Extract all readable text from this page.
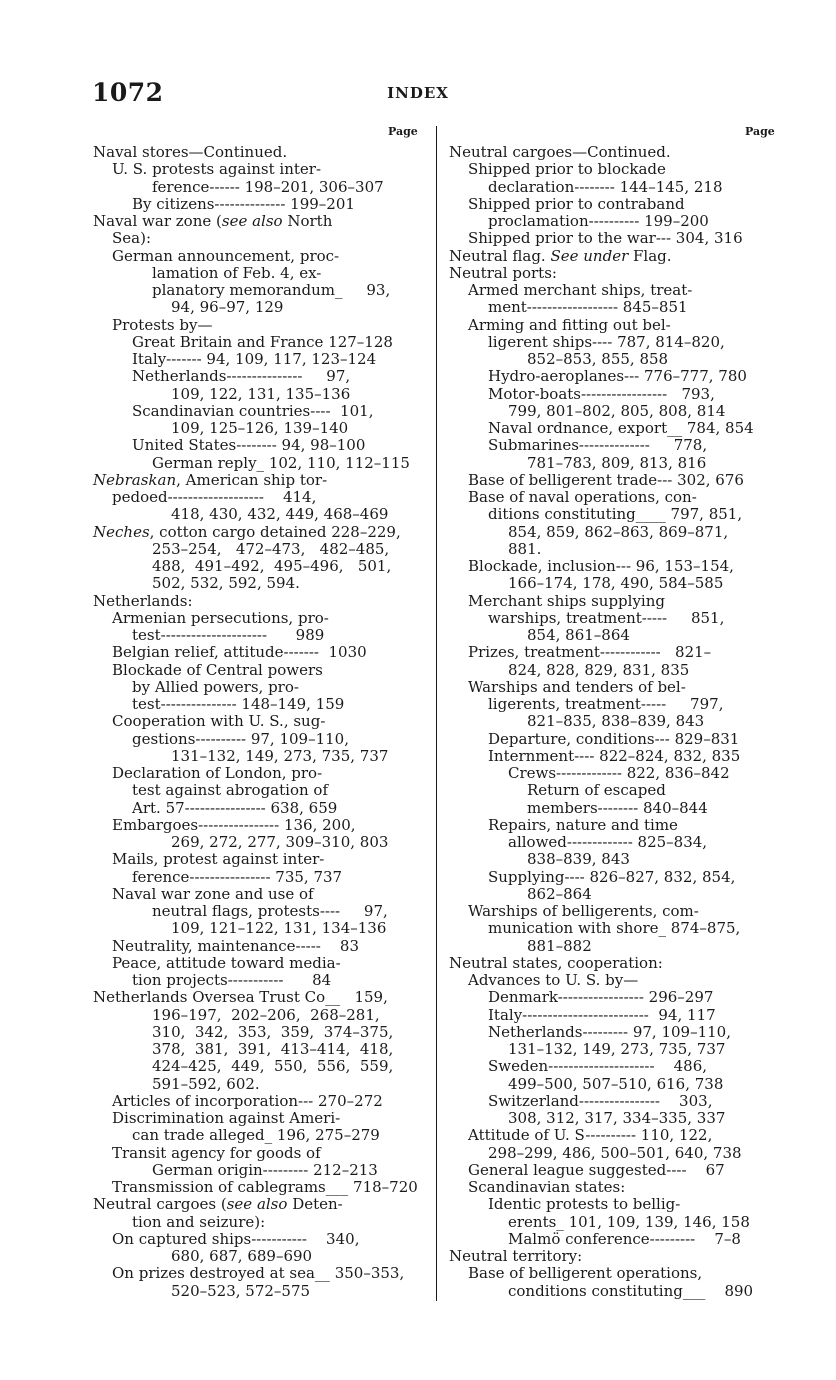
1072	INDEX
Page	Page
Naval stores—Continued.
U. S. protests against inter-
ference------ 198–201, 306–307
By citizens-------------- 199–201
Naval war zone (see also North
Sea):
German announcement, proc-
lamation of Feb. 4, ex-
planatory memorandum_     93,
94, 96–97, 129
Protests by—
Great Britain and France 127–128
Italy------- 94, 109, 117, 123–124
Netherlands---------------     97,
109, 122, 131, 135–136
Scandinavian countries----  101,
109, 125–126, 139–140
United States-------- 94, 98–100
German reply_ 102, 110, 112–115
Nebraskan, American ship tor-
pedoed-------------------    414,
418, 430, 432, 449, 468–469
Neches, cotton cargo detained 228–229,
253–254,   472–473,   482–485,
488,  491–492,  495–496,   501,
502, 532, 592, 594.
Netherlands:
Armenian persecutions, pro-
test---------------------      989
Belgian relief, attitude-------  1030
Blockade of Central powers
by Allied powers, pro-
test--------------- 148–149, 159
Cooperation with U. S., sug-
gestions---------- 97, 109–110,
131–132, 149, 273, 735, 737
Declaration of London, pro-
test against abrogation of
Art. 57---------------- 638, 659
Embargoes---------------- 136, 200,
269, 272, 277, 309–310, 803
Mails, protest against inter-
ference---------------- 735, 737
Naval war zone and use of
neutral flags, protests----     97,
109, 121–122, 131, 134–136
Neutrality, maintenance-----    83
Peace, attitude toward media-
tion projects-----------      84
Netherlands Oversea Trust Co__   159,
196–197,  202–206,  268–281,
310,  342,  353,  359,  374–375,
378,  381,  391,  413–414,  418,
424–425,  449,  550,  556,  559,
591–592, 602.
Articles of incorporation--- 270–272
Discrimination against Ameri-
can trade alleged_ 196, 275–279
Transit agency for goods of
German origin--------- 212–213
Transmission of cablegrams___ 718–720
Neutral cargoes (see also Deten-
tion and seizure):
On captured ships-----------    340,
680, 687, 689–690
On prizes destroyed at sea__ 350–353,
520–523, 572–575
Neutral cargoes—Continued.
Shipped prior to blockade
declaration-------- 144–145, 218
Shipped prior to contraband
proclamation---------- 199–200
Shipped prior to the war--- 304, 316
Neutral flag. See under Flag.
Neutral ports:
Armed merchant ships, treat-
ment------------------ 845–851
Arming and fitting out bel-
ligerent ships---- 787, 814–820,
852–853, 855, 858
Hydro-aeroplanes--- 776–777, 780
Motor-boats-----------------   793,
799, 801–802, 805, 808, 814
Naval ordnance, export__ 784, 854
Submarines--------------     778,
781–783, 809, 813, 816
Base of belligerent trade--- 302, 676
Base of naval operations, con-
ditions constituting____ 797, 851,
854, 859, 862–863, 869–871,
881.
Blockade, inclusion--- 96, 153–154,
166–174, 178, 490, 584–585
Merchant ships supplying
warships, treatment-----     851,
854, 861–864
Prizes, treatment------------   821–
824, 828, 829, 831, 835
Warships and tenders of bel-
ligerents, treatment-----     797,
821–835, 838–839, 843
Departure, conditions--- 829–831
Internment---- 822–824, 832, 835
Crews------------- 822, 836–842
Return of escaped
members-------- 840–844
Repairs, nature and time
allowed------------- 825–834,
838–839, 843
Supplying---- 826–827, 832, 854,
862–864
Warships of belligerents, com-
munication with shore_ 874–875,
881–882
Neutral states, cooperation:
Advances to U. S. by—
Denmark----------------- 296–297
Italy-------------------------  94, 117
Netherlands--------- 97, 109–110,
131–132, 149, 273, 735, 737
Sweden---------------------    486,
499–500, 507–510, 616, 738
Switzerland----------------    303,
308, 312, 317, 334–335, 337
Attitude of U. S---------- 110, 122,
298–299, 486, 500–501, 640, 738
General league suggested----    67
Scandinavian states:
Identic protests to bellig-
erents_ 101, 109, 139, 146, 158
Malmö conference---------    7–8
Neutral territory:
Base of belligerent operations,
conditions constituting___    890
